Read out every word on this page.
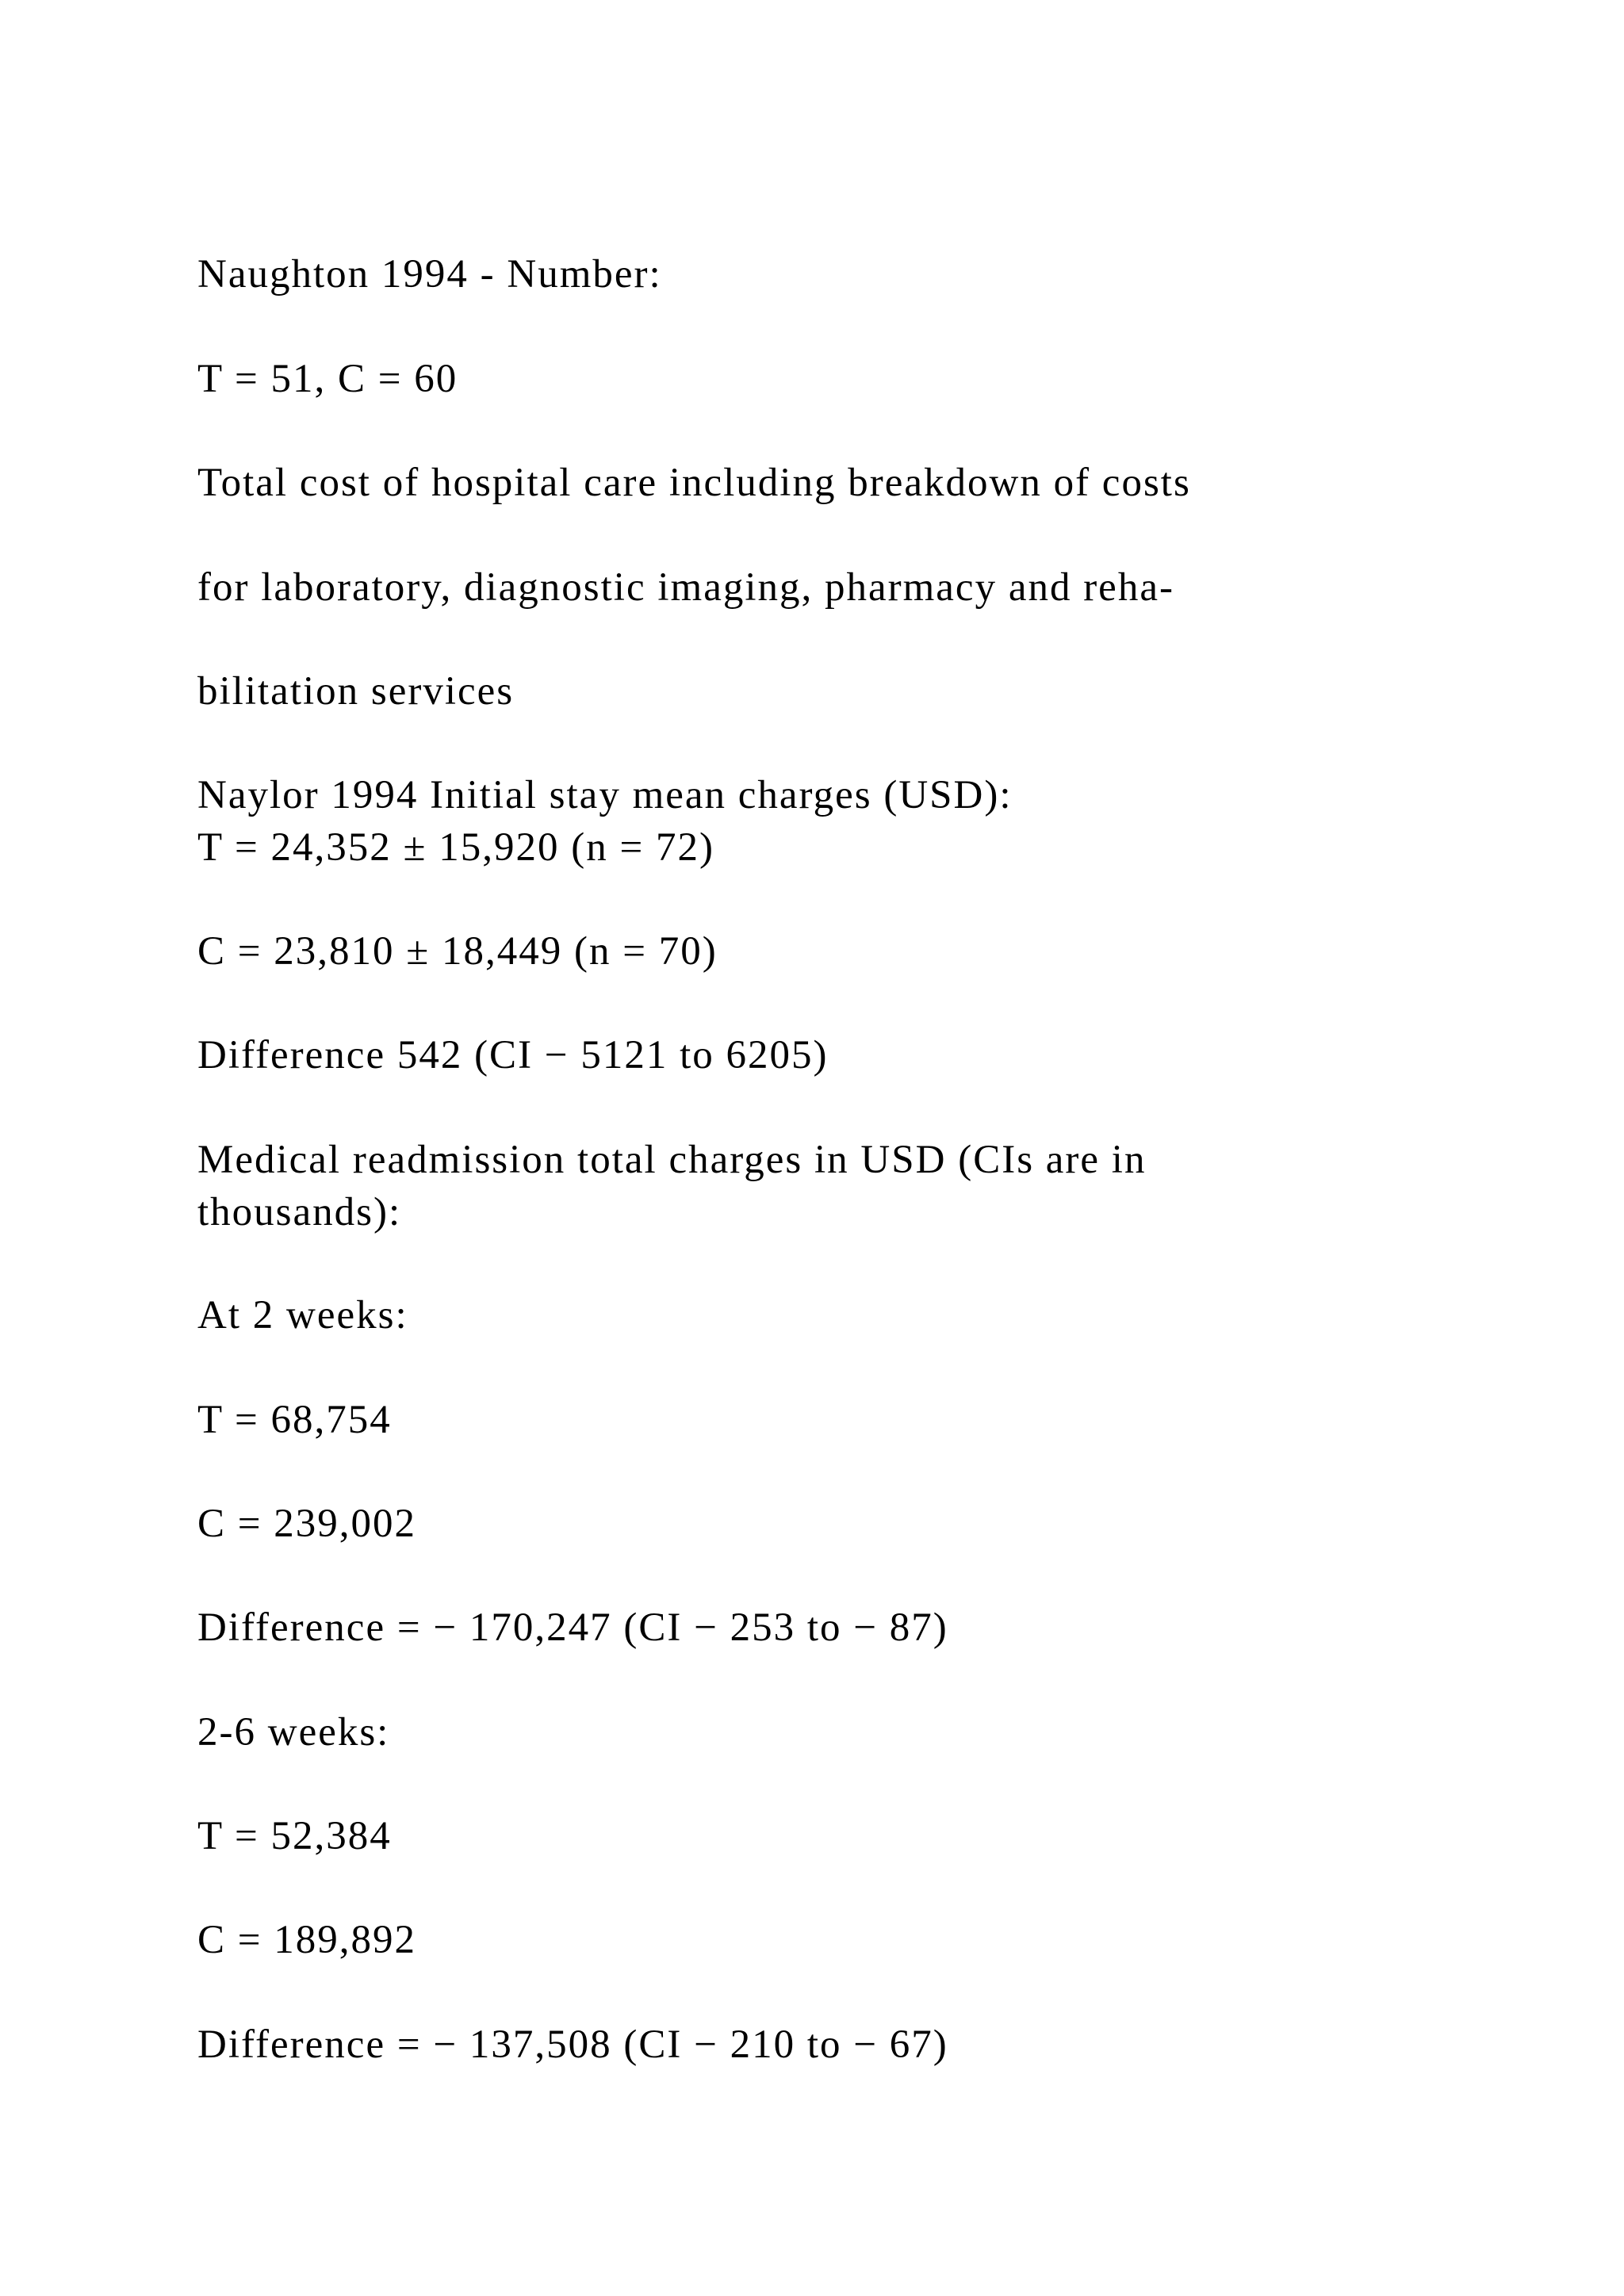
Naughton 1994 - Number:
T = 51, C = 60
Total cost of hospital care including breakdown of costs
for laboratory, diagnostic imaging, pharmacy and reha-
bilitation services
Naylor 1994 Initial stay mean charges (USD):
T = 24,352 ± 15,920 (n = 72)
C = 23,810 ± 18,449 (n = 70)
Difference 542 (CI − 5121 to 6205)
Medical readmission total charges in USD (CIs are in
thousands):
At 2 weeks:
T = 68,754
C = 239,002
Difference = − 170,247 (CI − 253 to − 87)
2-6 weeks:
T = 52,384
C = 189,892
Difference = − 137,508 (CI − 210 to − 67)
